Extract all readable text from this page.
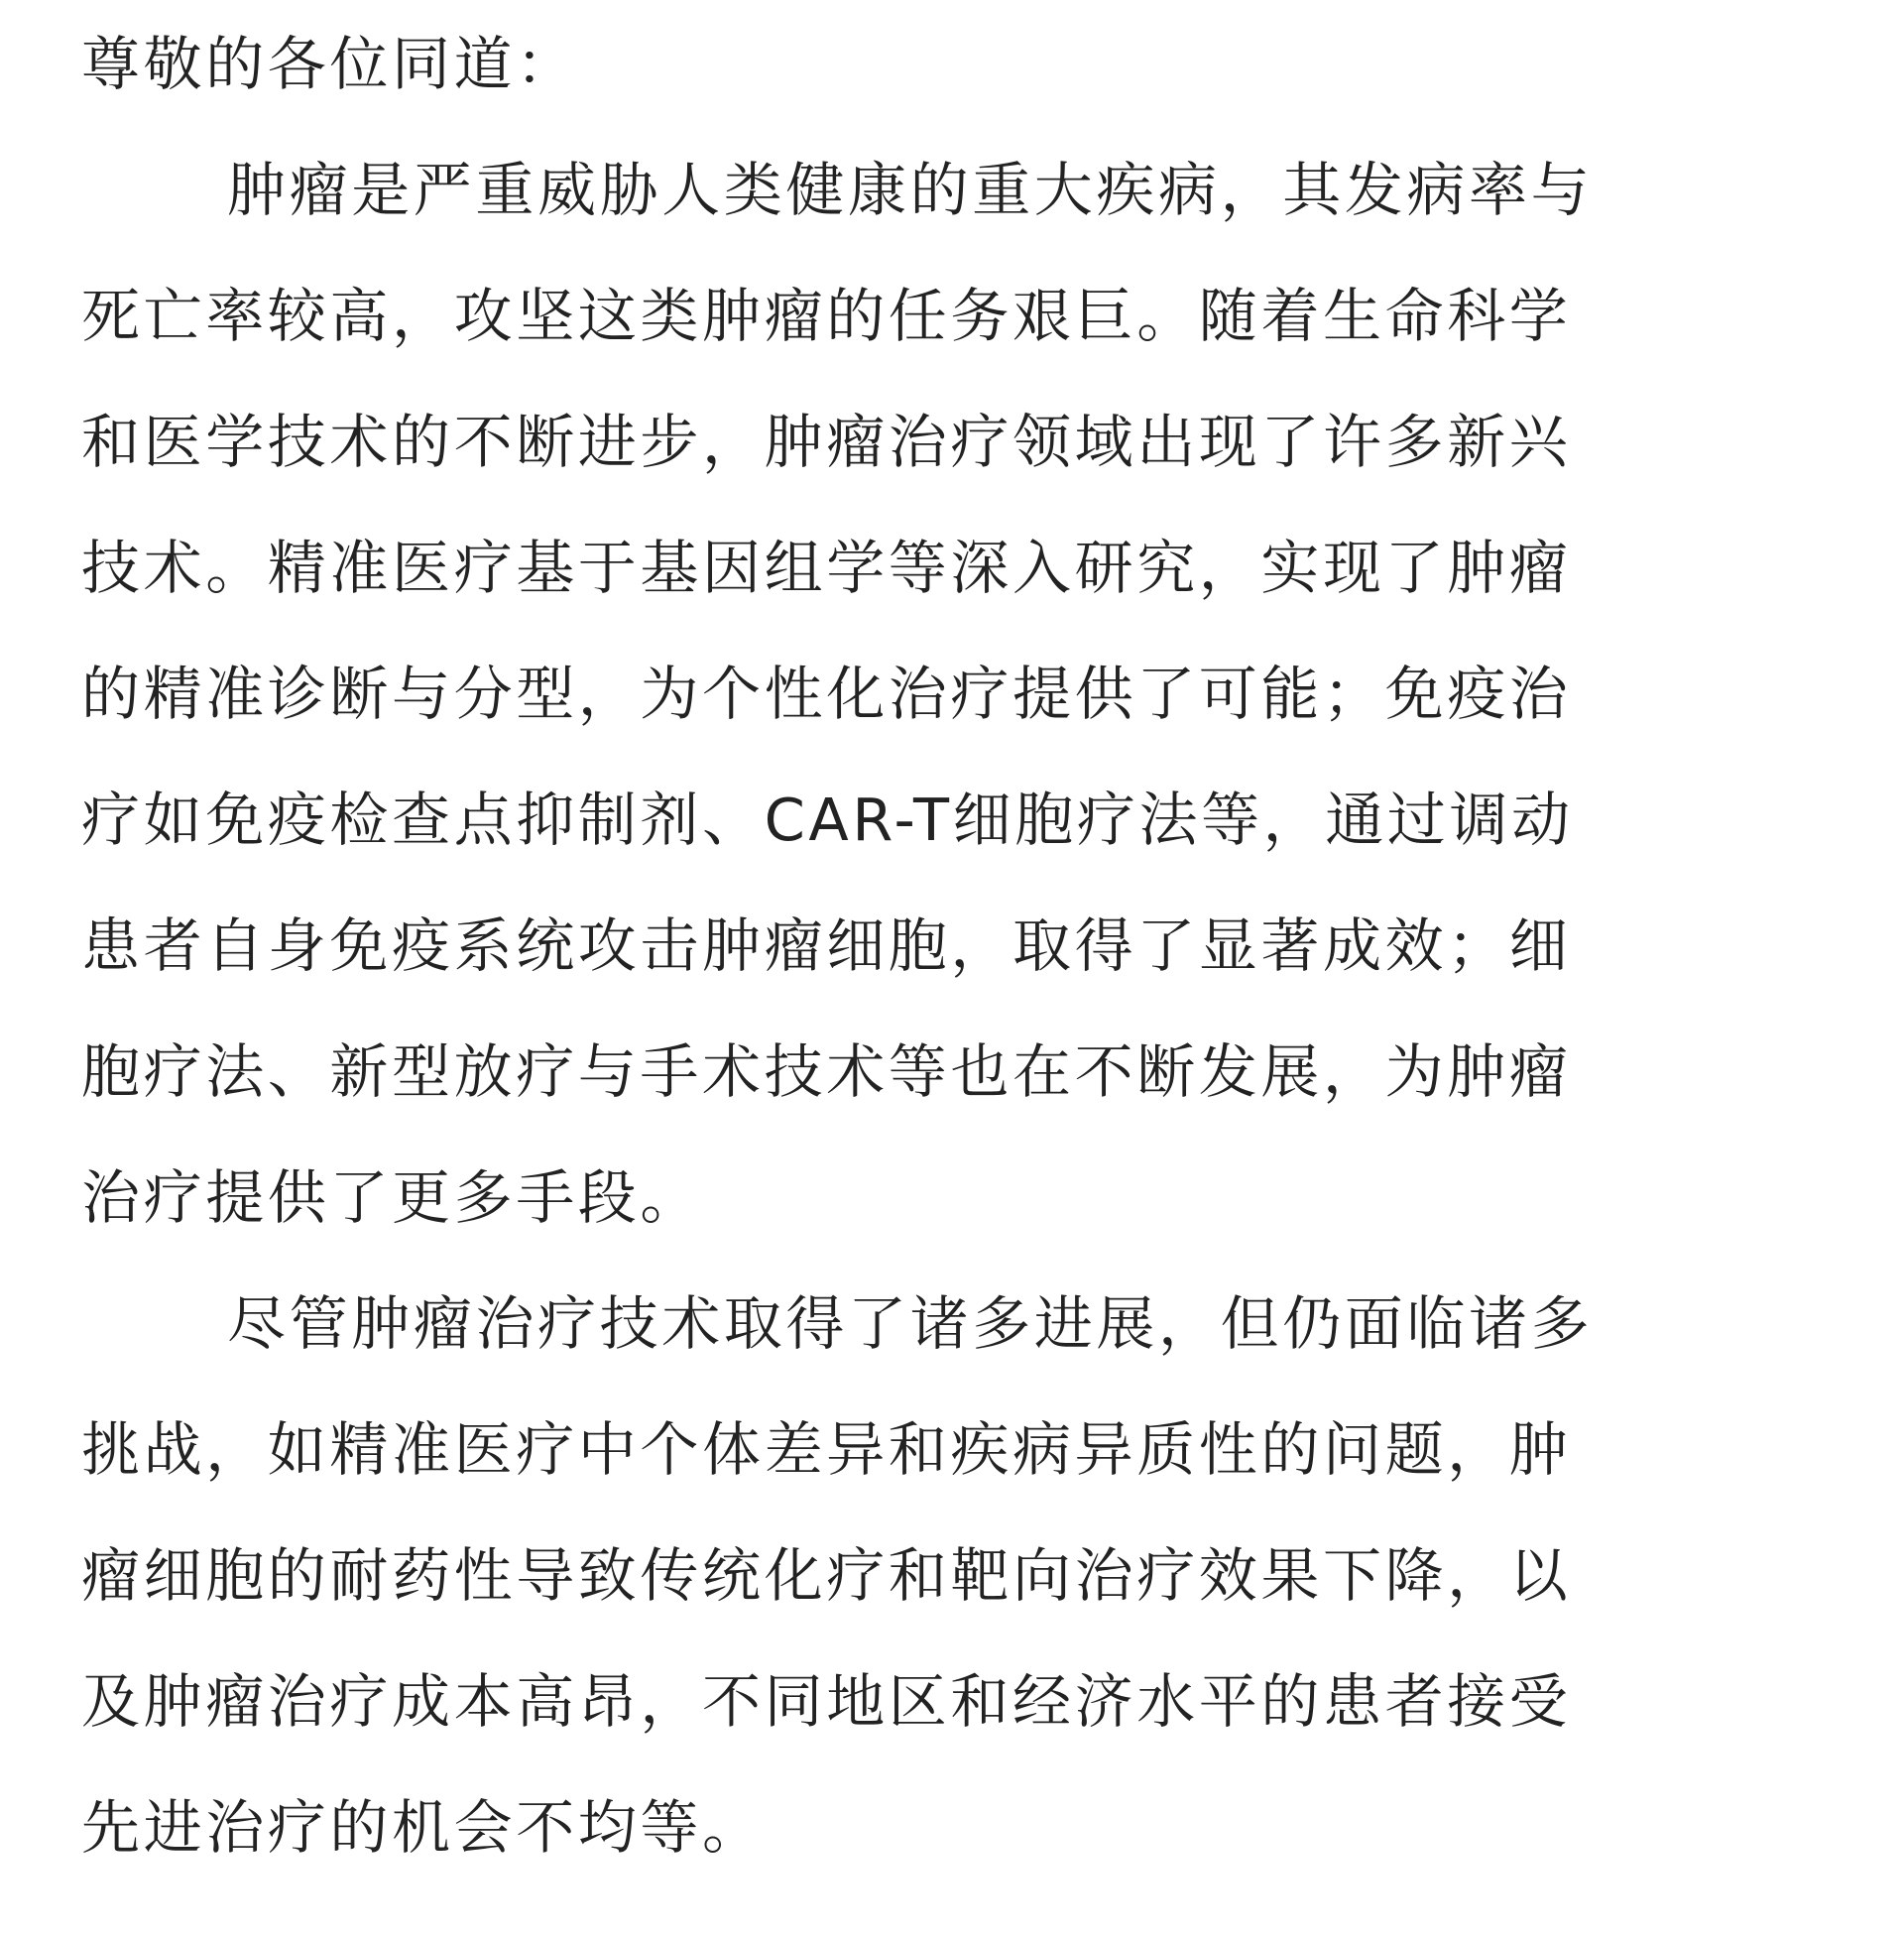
尊敬的各位同道：
肿瘤是严重威胁人类健康的重大疾病，其发病率与
死亡率较高，攻坚这类肿瘤的任务艰巨。随着生命科学
和医学技术的不断进步，肿瘤治疗领域出现了许多新兴
技术。精准医疗基于基因组学等深入研究，实现了肿瘤
的精准诊断与分型，为个性化治疗提供了可能；免疫治
疗如免疫检查点抑制剂、CAR-T细胞疗法等，通过调动
患者自身免疫系统攻击肿瘤细胞，取得了显著成效；细
胞疗法、新型放疗与手术技术等也在不断发展，为肿瘤
治疗提供了更多手段。
尽管肿瘤治疗技术取得了诸多进展，但仍面临诸多
挑战，如精准医疗中个体差异和疾病异质性的问题，肿
瘤细胞的耐药性导致传统化疗和靶向治疗效果下降，以
及肿瘤治疗成本高昂，不同地区和经济水平的患者接受
先进治疗的机会不均等。
